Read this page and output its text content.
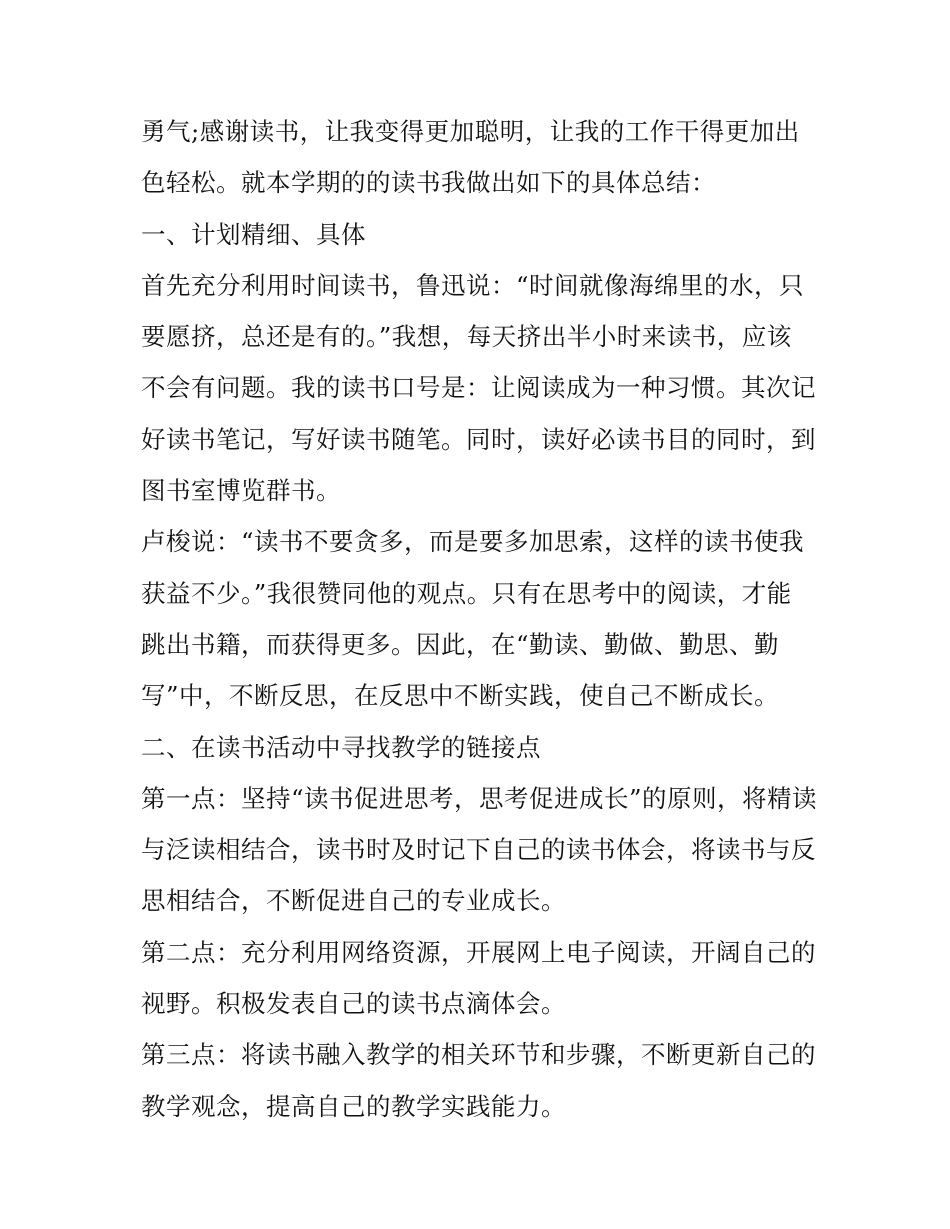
勇气;感谢读书，让我变得更加聪明，让我的工作干得更加出
色轻松。就本学期的的读书我做出如下的具体总结：
一、计划精细、具体
首先充分利用时间读书，鲁迅说：“时间就像海绵里的水，只
要愿挤，总还是有的。”我想，每天挤出半小时来读书，应该
不会有问题。我的读书口号是：让阅读成为一种习惯。其次记
好读书笔记，写好读书随笔。同时，读好必读书目的同时，到
图书室博览群书。
卢梭说：“读书不要贪多，而是要多加思索，这样的读书使我
获益不少。”我很赞同他的观点。只有在思考中的阅读，才能
跳出书籍，而获得更多。因此，在“勤读、勤做、勤思、勤
写”中，不断反思，在反思中不断实践，使自己不断成长。
二、在读书活动中寻找教学的链接点
第一点：坚持“读书促进思考，思考促进成长”的原则，将精读
与泛读相结合，读书时及时记下自己的读书体会，将读书与反
思相结合，不断促进自己的专业成长。
第二点：充分利用网络资源，开展网上电子阅读，开阔自己的
视野。积极发表自己的读书点滴体会。
第三点：将读书融入教学的相关环节和步骤，不断更新自己的
教学观念，提高自己的教学实践能力。
